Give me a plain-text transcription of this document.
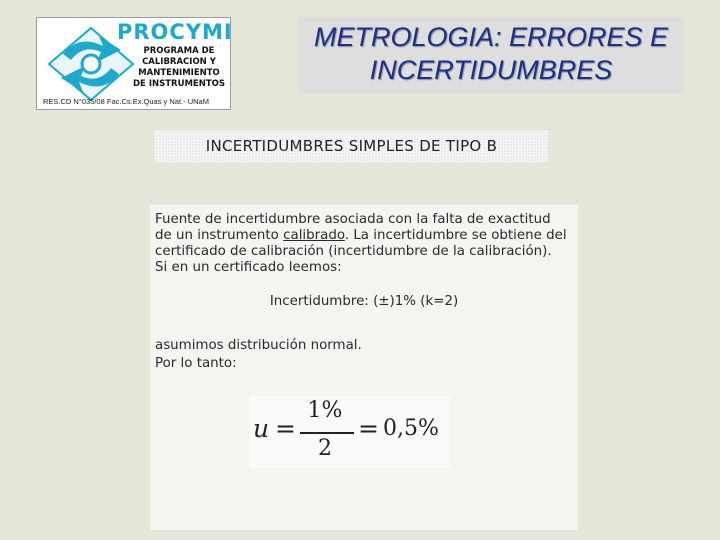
PROCYMI
PROGRAMA DE
CALIBRACION Y
MANTENIMIENTO
DE INSTRUMENTOS
RES.CD N°035/08 Fac.Cs.Ex.Quas y Nat.- UNaM
METROLOGIA: ERRORES E
INCERTIDUMBRES
INCERTIDUMBRES SIMPLES DE TIPO B
Fuente de incertidumbre asociada con la falta de exactitud
de un instrumento calibrado. La incertidumbre se obtiene del
certificado de calibración (incertidumbre de la calibración).
Si en un certificado leemos:
Incertidumbre: (±)1% (k=2)
asumimos distribución normal.
Por lo tanto:
u =
1%
2
= 0,5%
